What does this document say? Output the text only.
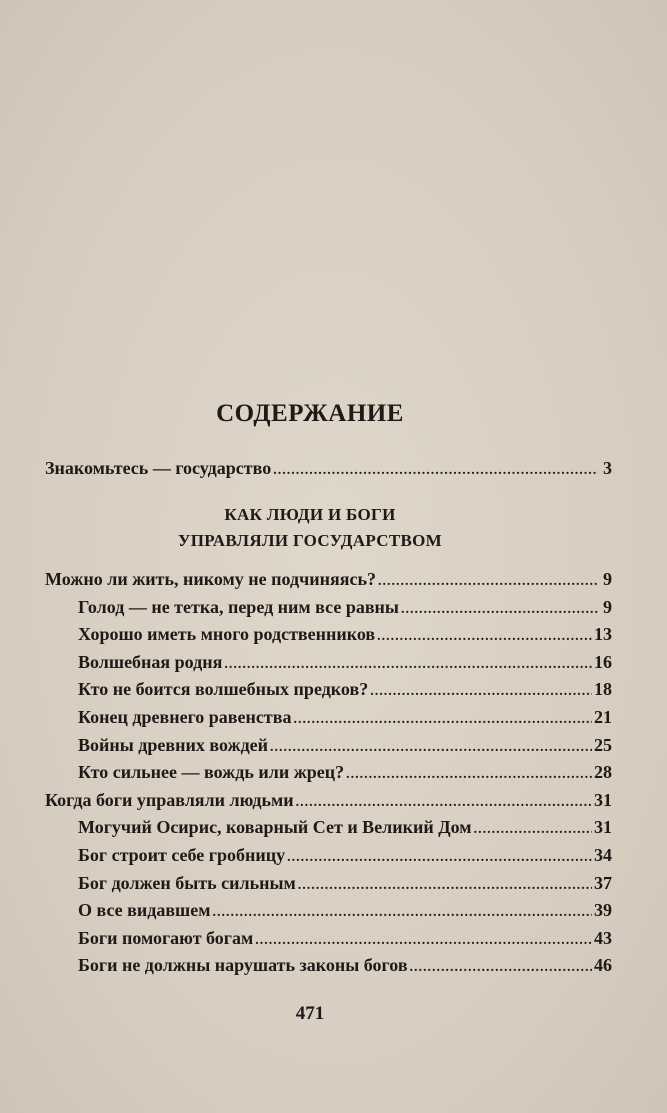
СОДЕРЖАНИЕ
Знакомьтесь — государство .....	3
КАК ЛЮДИ И БОГИ
УПРАВЛЯЛИ ГОСУДАРСТВОМ
Можно ли жить, никому не подчиняясь? .....	9
Голод — не тетка, перед ним все равны .....	9
Хорошо иметь много родственников .....	13
Волшебная родня .....	16
Кто не боится волшебных предков? .....	18
Конец древнего равенства .....	21
Войны древних вождей .....	25
Кто сильнее — вождь или жрец? .....	28
Когда боги управляли людьми .....	31
Могучий Осирис, коварный Сет и Великий Дом .....	31
Бог строит себе гробницу .....	34
Бог должен быть сильным .....	37
О все видавшем .....	39
Боги помогают богам .....	43
Боги не должны нарушать законы богов .....	46
471
